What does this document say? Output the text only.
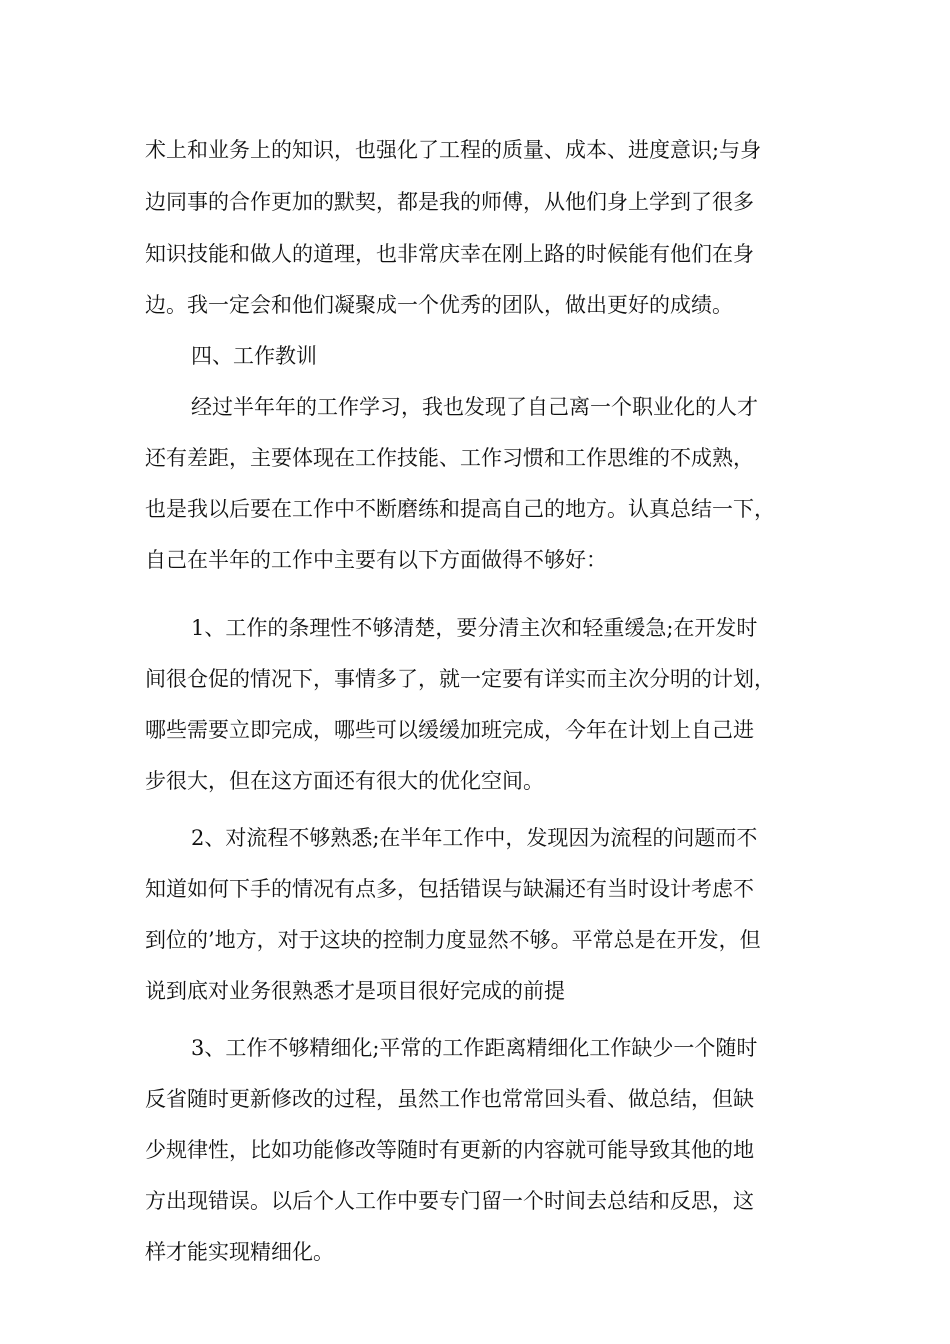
术上和业务上的知识，也强化了工程的质量、成本、进度意识;与身
边同事的合作更加的默契，都是我的师傅，从他们身上学到了很多
知识技能和做人的道理，也非常庆幸在刚上路的时候能有他们在身
边。我一定会和他们凝聚成一个优秀的团队，做出更好的成绩。
四、工作教训
经过半年年的工作学习，我也发现了自己离一个职业化的人才
还有差距，主要体现在工作技能、工作习惯和工作思维的不成熟，
也是我以后要在工作中不断磨练和提高自己的地方。认真总结一下，
自己在半年的工作中主要有以下方面做得不够好：
1、工作的条理性不够清楚，要分清主次和轻重缓急;在开发时
间很仓促的情况下，事情多了，就一定要有详实而主次分明的计划，
哪些需要立即完成，哪些可以缓缓加班完成，今年在计划上自己进
步很大，但在这方面还有很大的优化空间。
2、对流程不够熟悉;在半年工作中，发现因为流程的问题而不
知道如何下手的情况有点多，包括错误与缺漏还有当时设计考虑不
到位的’地方，对于这块的控制力度显然不够。平常总是在开发，但
说到底对业务很熟悉才是项目很好完成的前提
3、工作不够精细化;平常的工作距离精细化工作缺少一个随时
反省随时更新修改的过程，虽然工作也常常回头看、做总结，但缺
少规律性，比如功能修改等随时有更新的内容就可能导致其他的地
方出现错误。以后个人工作中要专门留一个时间去总结和反思，这
样才能实现精细化。
